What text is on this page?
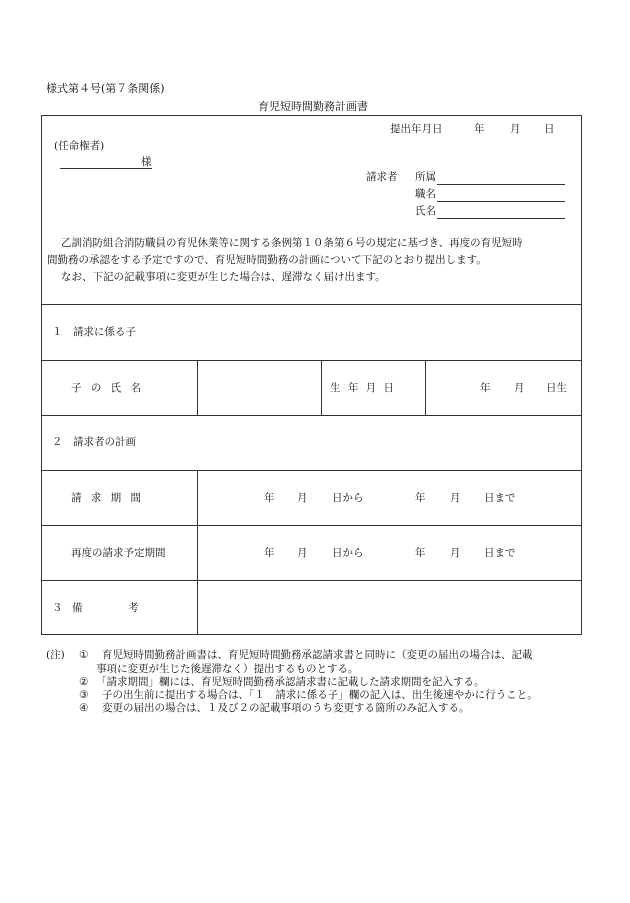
様式第４号(第７条関係)
育児短時間勤務計画書
提出年月日	年 月 日
(任命権者)
様
請求者 所属
職名
氏名
乙訓消防組合消防職員の育児休業等に関する条例第１０条第６号の規定に基づき、再度の育児短時
間勤務の承認をする予定ですので、育児短時間勤務の計画について下記のとおり提出します。
なお、下記の記載事項に変更が生じた場合は、遅滞なく届け出ます。
１　請求に係る子
子 の 氏 名	生 年 月 日	年 月 日生
２　請求者の計画
請 求 期 間	年 月 日から	年 月 日まで
再度の請求予定期間	年 月 日から	年 月 日まで
３ 備	考
(注) ① 育児短時間勤務計画書は、育児短時間勤務承認請求書と同時に（変更の届出の場合は、記載
事項に変更が生じた後遅滞なく）提出するものとする。
② 「請求期間」欄には、育児短時間勤務承認請求書に記載した請求期間を記入する。
③ 子の出生前に提出する場合は、「１　請求に係る子」欄の記入は、出生後速やかに行うこと。
④ 変更の届出の場合は、１及び２の記載事項のうち変更する箇所のみ記入する。
